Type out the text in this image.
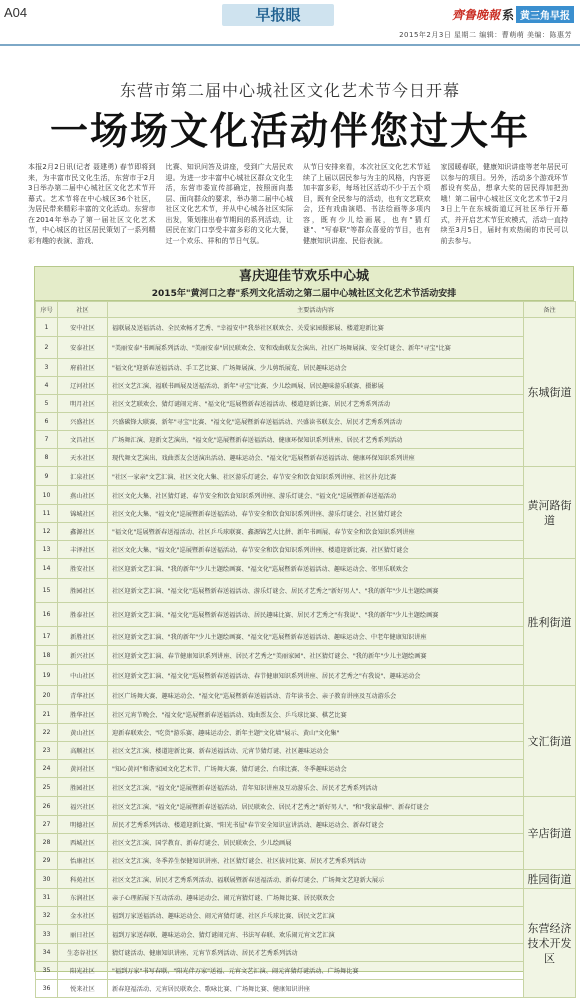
A04	早报眼	齊鲁晚報 系 黄三角早报
2015年2月3日 星期二 编辑：曹萌萌 美编：陈惠芳
东营市第二届中心城社区文化艺术节今日开幕
一场场文化活动伴您过大年
本报2月2日讯(记者 聂建勇) 春节即将到来，为丰富市民文化生活，东营市于2月3日举办第二届中心城社区文化艺术节开幕式。艺术节将在中心城区36个社区，为居民带来精彩丰富的文化活动。东营市在2014年举办了第一届社区文化艺术节，中心城区的社区居民策划了一系列精彩有趣的表演、游戏、
比赛、知识问答及讲座，受到广大居民欢迎。为进一步丰富中心城社区群众文化生活，东营市委宣传部确定，按照面向基层、面向群众的要求，举办第二届中心城社区文化艺术节，并从中心城各社区实际出发，策划推出春节期间的系列活动，让居民在家门口享受丰富多彩的文化大餐，过一个欢乐、祥和的节日气氛。
从节日安排来看，本次社区文化艺术节延续了上届以居民参与为主的风格，内容更加丰富多彩，每场社区活动不少于五个项目，既有全民参与的活动，也有文艺联欢会，还有戏曲演唱、书法绘画等多项内容，既有少儿绘画展，也有"猜灯谜"、"写春联"等群众喜爱的节目，也有健康知识讲座、民俗表演。
家园暖春联，健康知识讲座等老年居民可以参与的项目。另外，活动多个游戏环节都设有奖品，想拿大奖的居民得加把劲哦！第二届中心城社区文化艺术节于2月3日上午在东城街道辽河社区举行开幕式，并开启艺术节狂欢模式，活动一直持续至3月5日，届时有欢热闹的市民可以前去参与。
喜庆迎佳节欢乐中心城
2015年"黄河口之春"系列文化活动之第二届中心城社区文化艺术节活动安排
序号	社区	主要活动内容	备注
1	安中社区	福联展及送福活动、全民欢畅才艺秀、"幸福安中"我举社区联欢会、关爱家园摄影展、楼道迎新比赛	东城街道
2	安泰社区	"美丽安泰"书画展系列活动、"美丽安泰"居民联欢会、安和戏曲联友会演出、社区广场舞展演、安全灯谜会、新年"寻宝"比赛	
3	府前社区	"福文化"迎新春送福活动、手工艺比赛、广场舞展演、少儿剪纸展览、居民趣味运动会	
4	辽河社区	社区文艺汇演、福联书画展及送福活动、新年"寻宝"比赛、少儿绘画展、居民趣味游乐联赛、摄影展	
5	明月社区	社区文艺联欢会、猜灯谜闹元宵、"福文化"巡展暨新春送福活动、楼道迎新比赛、居民才艺秀系列活动	
6	兴盛社区	兴盛碳锋大联赛、新年"寻宝"比赛、"福文化"巡展暨新春送福活动、兴盛读书联友会、居民才艺秀系列活动	
7	文昌社区	广场舞汇演、迎新文艺演出、"福文化"巡展暨新春送福活动、健康环保知识系列讲座、居民才艺秀系列活动	
8	天水社区	现代舞文艺演出、戏曲票友会送演出活动、趣味运动会、"福文化"巡展暨新春送福活动、健康环保知识系列讲座	
9	汇泉社区	"社区一家亲"文艺汇演、社区文化大集、社区游乐灯谜会、春节安全和饮食知识系列讲座、社区扑克比赛	黄河路街道
10	燕山社区	社区文化大集、社区猜灯谜、春节安全和饮食知识系列讲座、游乐灯谜会、"福文化"巡展暨新春送福活动	
11	锦城社区	社区文化大集、"福文化"巡展暨新春送福活动、春节安全和饮食知识系列讲座、游乐灯谜会、社区猜灯谜会	
12	鑫源社区	"福文化"巡展暨新春送福活动、社区乒乓球联赛、鑫源锦艺大比拼、新年书画展、春节安全和饮食知识系列讲座	
13	丰泽社区	社区文化大集、"福文化"巡展暨新春送福活动、春节安全和饮食知识系列讲座、楼道迎新比赛、社区猜灯谜会	
14	胜安社区	社区迎新文艺汇演、"我的新年"少儿主题绘画赛、"福文化"巡展暨新春送福活动、趣味运动会、邻里乐联欢会	胜利街道
15	胜园社区	社区迎新文艺汇演、"福文化"巡展暨新春送福活动、游乐灯谜会、居民才艺秀之"新好男人"、"我的新年"少儿主题绘画赛	
16	胜泰社区	社区迎新文艺汇演、"福文化"巡展暨新春送福活动、居民趣味比赛、居民才艺秀之"有我说"、"我的新年"少儿主题绘画赛	
17	新胜社区	社区迎新文艺汇演、"我的新年"少儿主题绘画赛、"福文化"巡展暨新春送福活动、趣味运动会、中老年健康知识讲座	
18	新兴社区	社区迎新文艺汇演、春节健康知识系列讲座、居民才艺秀之"美丽家园"、社区猜灯谜会、"我的新年"少儿主题绘画赛	
19	中山社区	社区迎新文艺汇演、"福文化"巡展暨新春送福活动、春节健康知识系列讲座、居民才艺秀之"有我说"、趣味运动会	
20	青华社区	社区广场舞大赛、趣味运动会、"福文化"巡展暨新春送福活动、青年读书会、亲子教育讲座及互动游乐会	文汇街道
21	胜华社区	社区元宵节晚会、"福文化"巡展暨新春送福活动、戏曲票友会、乒乓球比赛、棋艺比赛	
22	黄山社区	迎新春联欢会、"吃货"游乐赛、趣味运动会、新年主题"文化墙"展示、黄山"文化集"	
23	高顺社区	社区文艺汇演、楼道迎新比赛、新春送福活动、元宵节猜灯谜、社区趣味运动会	
24	黄河社区	"知心黄河"和谐家园文化艺术节、广场舞大赛、猜灯谜会、台球比赛、冬季趣味运动会	
25	胜园社区	社区文艺汇演、"福文化"巡展暨新春送福活动、青年知识讲座及互动游乐会、居民才艺秀系列活动	
26	福兴社区	社区文艺汇演、"福文化"巡展暨新春送福活动、居民联欢会、居民才艺秀之"新好男人"、"和"我家最棒"、新春灯谜会	辛店街道
27	明德社区	居民才艺秀系列活动、楼道迎新比赛、"阳光书屋"春节安全知识宣讲活动、趣味运动会、新春灯谜会	
28	西城社区	社区文艺汇演、国学教育、新春灯谜会、居民联欢会、少儿绘画展	
29	怡康社区	社区文艺汇演、冬季养生保健知识讲座、社区猜灯谜会、社区拔河比赛、居民才艺秀系列活动	
30	科苑社区	社区文艺汇演、居民才艺秀系列活动、福联展暨新春送福活动、新春灯谜会、广场舞文艺迎新大展示	胜园街道
31	东润社区	亲子心理拓展下互动活动、趣味运动会、闹元宵猜灯谜、广场舞比赛、居民联欢会	东营经济技术开发区
32	金水社区	福到万家送福活动、趣味运动会、闹元宵猜灯谜、社区乒乓球比赛、居民文艺汇演	
33	丽日社区	福到万家送春联、趣味运动会、猜灯谜闹元宵、书法写春联、欢乐闹元宵文艺汇演	
34	生态谷社区	猜灯谜活动、健康知识讲座、元宵节系列活动、居民才艺秀系列活动	
35	阳光社区	"福到万家"书写春联、"阳光伴万家"送福、元宵文艺汇演、闹元宵猜灯谜活动、广场舞比赛	
36	悦来社区	新春迎福活动、元宵居民联欢会、歌咏比赛、广场舞比赛、健康知识讲座	
